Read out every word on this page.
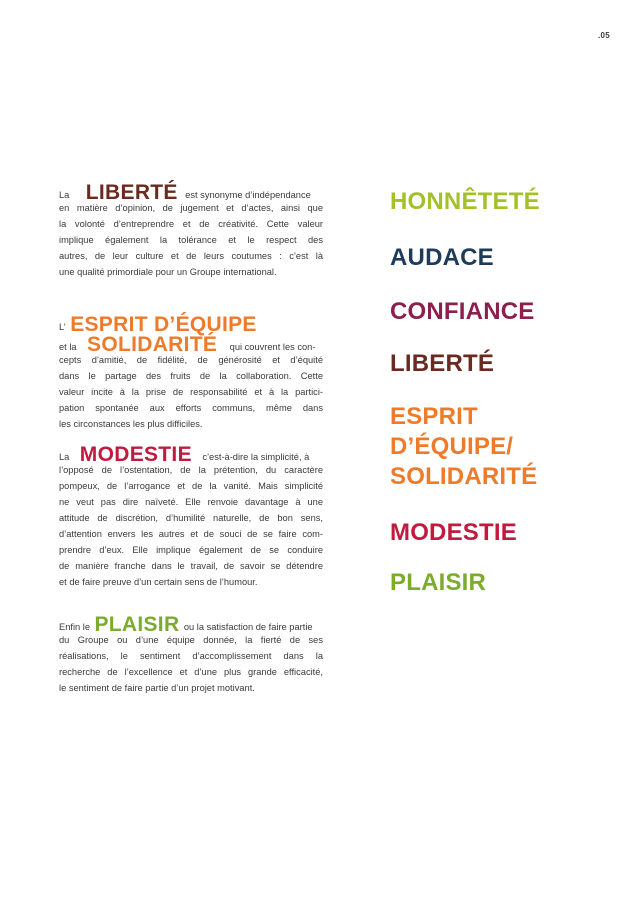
.05
La LIBERTÉ est synonyme d’indépendance

en matière d’opinion, de jugement et d’actes, ainsi que
la volonté d’entreprendre et de créativité. Cette valeur
implique également la tolérance et le respect des
autres, de leur culture et de leurs coutumes : c’est là
une qualité primordiale pour un Groupe international.

L’ ESPRIT D’ÉQUIPE
et la SOLIDARITÉ qui couvrent les con-

cepts d’amitié, de fidélité, de générosité et d’équité
dans le partage des fruits de la collaboration. Cette
valeur incite à la prise de responsabilité et à la partici-
pation spontanée aux efforts communs, même dans
les circonstances les plus difficiles.

La MODESTIE c’est-à-dire la simplicité, à

l’opposé de l’ostentation, de la prétention, du caractère
pompeux, de l’arrogance et de la vanité. Mais simplicité
ne veut pas dire naïveté. Elle renvoie davantage à une
attitude de discrétion, d’humilité naturelle, de bon sens,
d’attention envers les autres et de souci de se faire com-
prendre d’eux. Elle implique également de se conduire
de manière franche dans le travail, de savoir se détendre
et de faire preuve d’un certain sens de l’humour.

Enfin le PLAISIR ou la satisfaction de faire partie

du Groupe ou d’une équipe donnée, la fierté de ses
réalisations, le sentiment d’accomplissement dans la
recherche de l’excellence et d’une plus grande efficacité,
le sentiment de faire partie d’un projet motivant.

HONNÊTETÉ
AUDACE
CONFIANCE
LIBERTÉ
ESPRIT
D’ÉQUIPE/
SOLIDARITÉ
MODESTIE
PLAISIR
